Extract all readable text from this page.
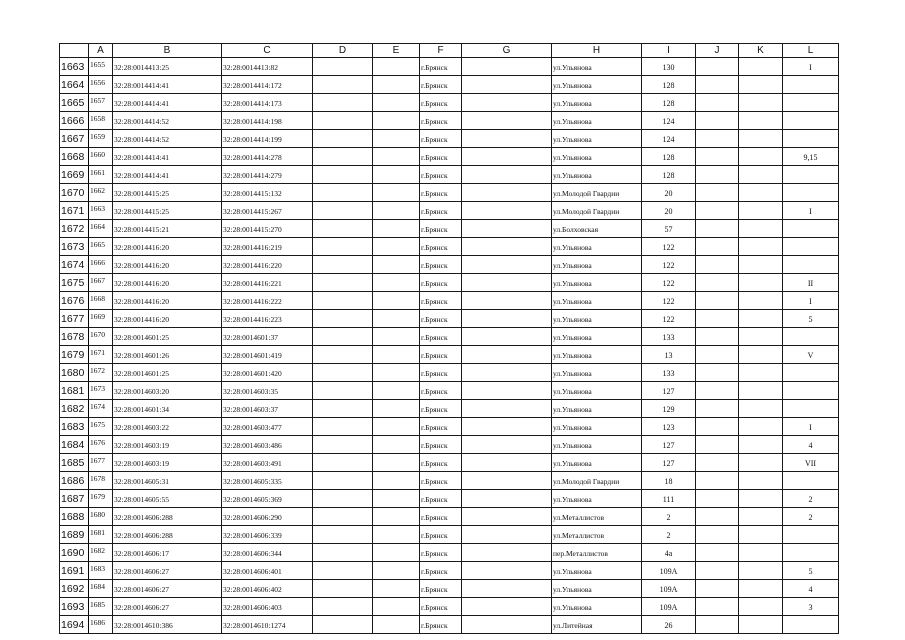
	A	B	C	D	E	F	G	H	I	J	K	L
1663	1655	32:28:0014413:25	32:28:0014413:82			г.Брянск		ул.Ульянова	130			I
1664	1656	32:28:0014414:41	32:28:0014414:172			г.Брянск		ул.Ульянова	128			
1665	1657	32:28:0014414:41	32:28:0014414:173			г.Брянск		ул.Ульянова	128			
1666	1658	32:28:0014414:52	32:28:0014414:198			г.Брянск		ул.Ульянова	124			
1667	1659	32:28:0014414:52	32:28:0014414:199			г.Брянск		ул.Ульянова	124			
1668	1660	32:28:0014414:41	32:28:0014414:278			г.Брянск		ул.Ульянова	128			9,15
1669	1661	32:28:0014414:41	32:28:0014414:279			г.Брянск		ул.Ульянова	128			
1670	1662	32:28:0014415:25	32:28:0014415:132			г.Брянск		ул.Молодой Гвардии	20			
1671	1663	32:28:0014415:25	32:28:0014415:267			г.Брянск		ул.Молодой Гвардии	20			I
1672	1664	32:28:0014415:21	32:28:0014415:270			г.Брянск		ул.Болховская	57			
1673	1665	32:28:0014416:20	32:28:0014416:219			г.Брянск		ул.Ульянова	122			
1674	1666	32:28:0014416:20	32:28:0014416:220			г.Брянск		ул.Ульянова	122			
1675	1667	32:28:0014416:20	32:28:0014416:221			г.Брянск		ул.Ульянова	122			II
1676	1668	32:28:0014416:20	32:28:0014416:222			г.Брянск		ул.Ульянова	122			I
1677	1669	32:28:0014416:20	32:28:0014416:223			г.Брянск		ул.Ульянова	122			5
1678	1670	32:28:0014601:25	32:28:0014601:37			г.Брянск		ул.Ульянова	133			
1679	1671	32:28:0014601:26	32:28:0014601:419			г.Брянск		ул.Ульянова	13			V
1680	1672	32:28:0014601:25	32:28:0014601:420			г.Брянск		ул.Ульянова	133			
1681	1673	32:28:0014603:20	32:28:0014603:35			г.Брянск		ул.Ульянова	127			
1682	1674	32:28:0014601:34	32:28:0014603:37			г.Брянск		ул.Ульянова	129			
1683	1675	32:28:0014603:22	32:28:0014603:477			г.Брянск		ул.Ульянова	123			I
1684	1676	32:28:0014603:19	32:28:0014603:486			г.Брянск		ул.Ульянова	127			4
1685	1677	32:28:0014603:19	32:28:0014603:491			г.Брянск		ул.Ульянова	127			VII
1686	1678	32:28:0014605:31	32:28:0014605:335			г.Брянск		ул.Молодой Гвардии	18			
1687	1679	32:28:0014605:55	32:28:0014605:369			г.Брянск		ул.Ульянова	111			2
1688	1680	32:28:0014606:288	32:28:0014606:290			г.Брянск		ул.Металлистов	2			2
1689	1681	32:28:0014606:288	32:28:0014606:339			г.Брянск		ул.Металлистов	2			
1690	1682	32:28:0014606:17	32:28:0014606:344			г.Брянск		пер.Металлистов	4а			
1691	1683	32:28:0014606:27	32:28:0014606:401			г.Брянск		ул.Ульянова	109А			5
1692	1684	32:28:0014606:27	32:28:0014606:402			г.Брянск		ул.Ульянова	109А			4
1693	1685	32:28:0014606:27	32:28:0014606:403			г.Брянск		ул.Ульянова	109А			3
1694	1686	32:28:0014610:386	32:28:0014610:1274			г.Брянск		ул.Литейная	26			
